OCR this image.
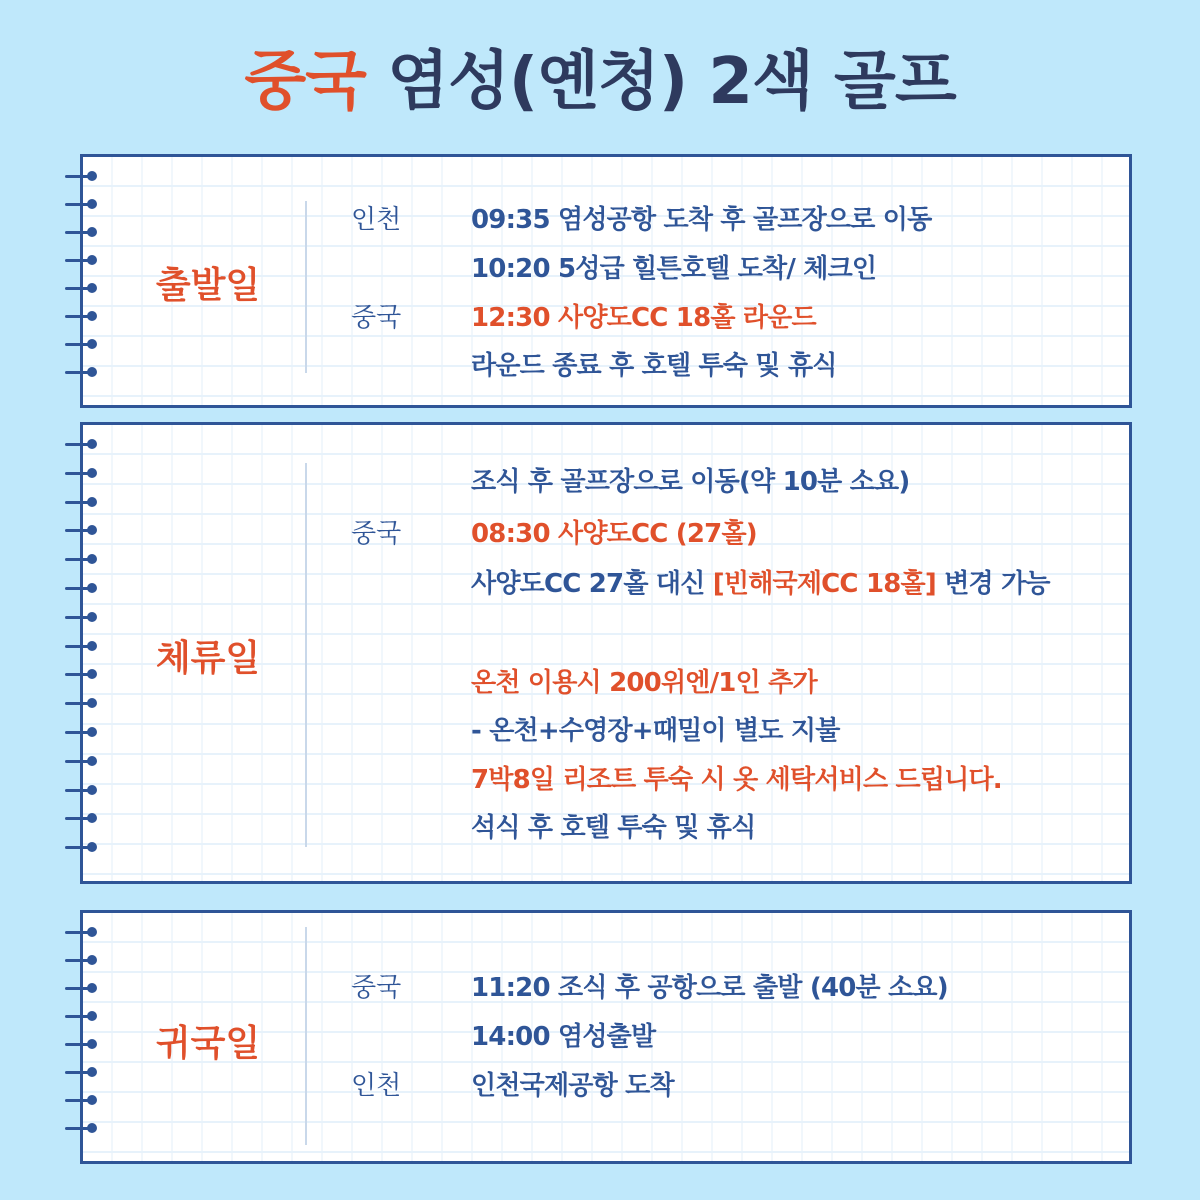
중국 염성(옌청) 2색 골프
출발일
인천	09:35 염성공항 도착 후 골프장으로 이동
10:20 5성급 힐튼호텔 도착/ 체크인
중국	12:30 사양도CC 18홀 라운드
라운드 종료 후 호텔 투숙 및 휴식
체류일
조식 후 골프장으로 이동(약 10분 소요)
중국	08:30 사양도CC (27홀)
사양도CC 27홀 대신 [빈해국제CC 18홀] 변경 가능
온천 이용시 200위엔/1인 추가
- 온천+수영장+때밀이 별도 지불
7박8일 리조트 투숙 시 옷 세탁서비스 드립니다.
석식 후 호텔 투숙 및 휴식
귀국일
중국	11:20 조식 후 공항으로 출발 (40분 소요)
14:00 염성출발
인천	인천국제공항 도착
